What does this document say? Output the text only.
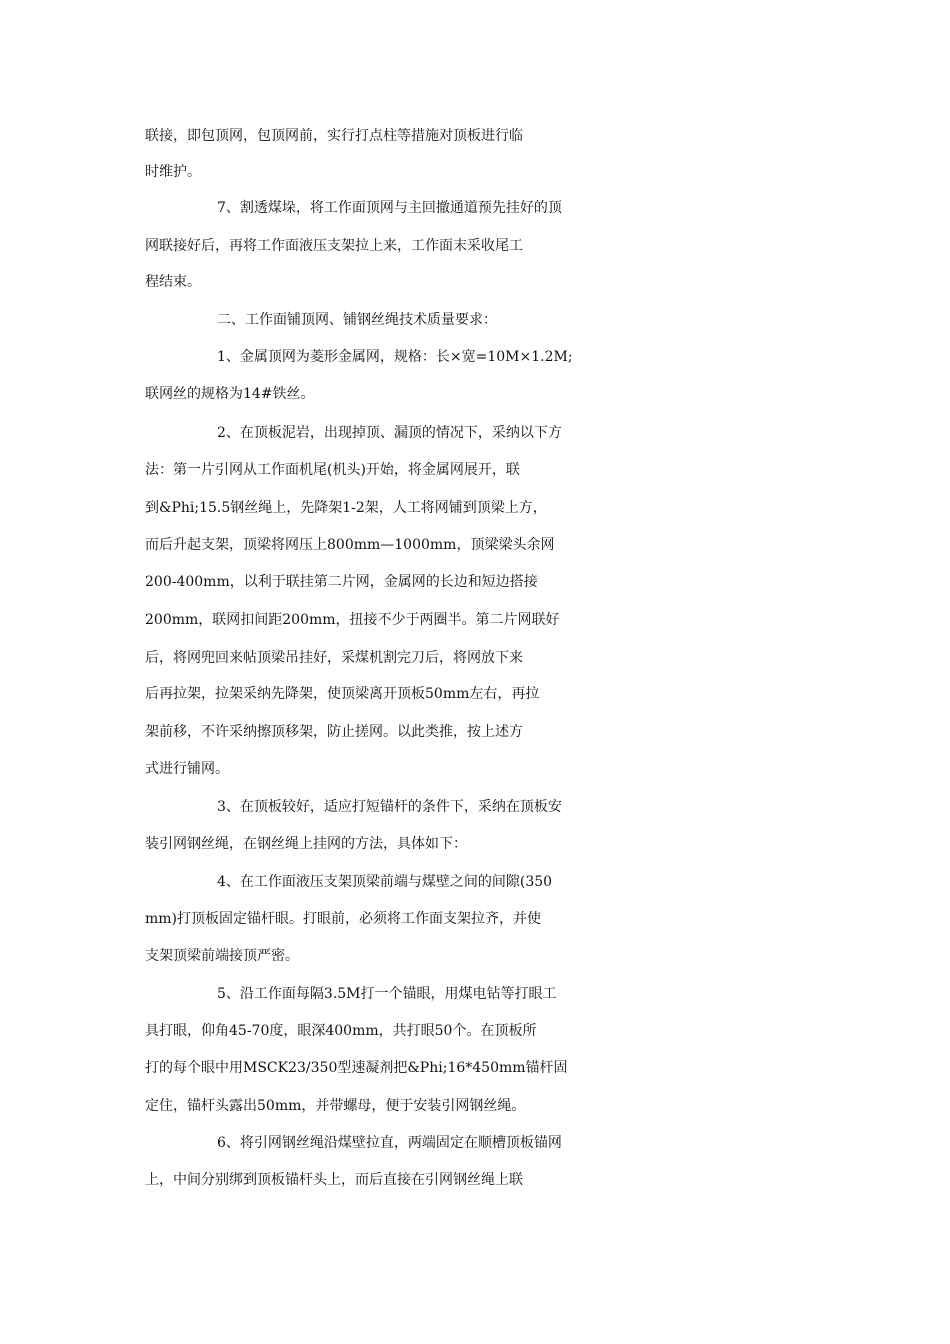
联接，即包顶网，包顶网前，实行打点柱等措施对顶板进行临
时维护。
7、割透煤垛，将工作面顶网与主回撤通道预先挂好的顶
网联接好后，再将工作面液压支架拉上来，工作面末采收尾工
程结束。
二、工作面铺顶网、铺钢丝绳技术质量要求：
1、金属顶网为菱形金属网，规格：长×宽=10M×1.2M;
联网丝的规格为14#铁丝。
2、在顶板泥岩，出现掉顶、漏顶的情况下，采纳以下方
法：第一片引网从工作面机尾(机头)开始，将金属网展开，联
到&Phi;15.5钢丝绳上，先降架1-2架，人工将网铺到顶梁上方，
而后升起支架，顶梁将网压上800mm—1000mm，顶梁梁头余网
200-400mm，以利于联挂第二片网，金属网的长边和短边搭接
200mm，联网扣间距200mm，扭接不少于两圈半。第二片网联好
后，将网兜回来帖顶梁吊挂好，采煤机割完刀后，将网放下来
后再拉架，拉架采纳先降架，使顶梁离开顶板50mm左右，再拉
架前移，不许采纳擦顶移架，防止搓网。以此类推，按上述方
式进行铺网。
3、在顶板较好，适应打短锚杆的条件下，采纳在顶板安
装引网钢丝绳，在钢丝绳上挂网的方法，具体如下：
4、在工作面液压支架顶梁前端与煤壁之间的间隙(350
mm)打顶板固定锚杆眼。打眼前，必须将工作面支架拉齐，并使
支架顶梁前端接顶严密。
5、沿工作面每隔3.5M打一个锚眼，用煤电钻等打眼工
具打眼，仰角45-70度，眼深400mm，共打眼50个。在顶板所
打的每个眼中用MSCK23/350型速凝剂把&Phi;16*450mm锚杆固
定住，锚杆头露出50mm，并带螺母，便于安装引网钢丝绳。
6、将引网钢丝绳沿煤壁拉直，两端固定在顺槽顶板锚网
上，中间分别绑到顶板锚杆头上，而后直接在引网钢丝绳上联
